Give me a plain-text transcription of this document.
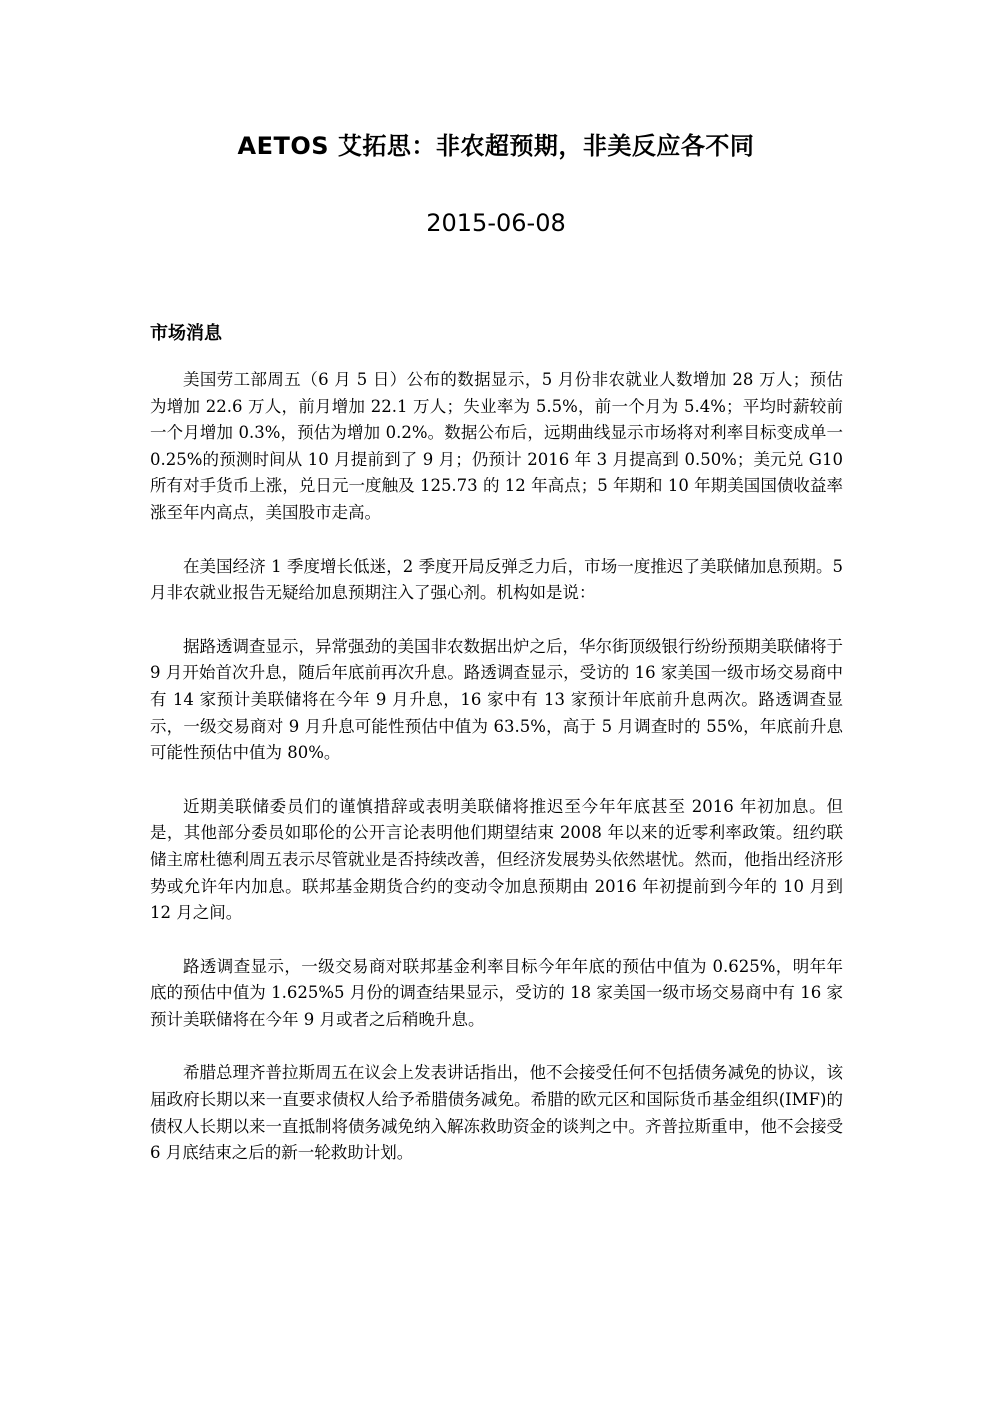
AETOS 艾拓思：非农超预期，非美反应各不同
2015-06-08
市场消息

美国劳工部周五（6 月 5 日）公布的数据显示，5 月份非农就业人数增加 28 万人；预估为增加 22.6 万人，前月增加 22.1 万人；失业率为 5.5%，前一个月为 5.4%；平均时薪较前一个月增加 0.3%，预估为增加 0.2%。数据公布后，远期曲线显示市场将对利率目标变成单一 0.25%的预测时间从 10 月提前到了 9 月；仍预计 2016 年 3 月提高到 0.50%；美元兑 G10 所有对手货币上涨，兑日元一度触及 125.73 的 12 年高点；5 年期和 10 年期美国国债收益率涨至年内高点，美国股市走高。

在美国经济 1 季度增长低迷，2 季度开局反弹乏力后，市场一度推迟了美联储加息预期。5 月非农就业报告无疑给加息预期注入了强心剂。机构如是说：

据路透调查显示，异常强劲的美国非农数据出炉之后，华尔街顶级银行纷纷预期美联储将于 9 月开始首次升息，随后年底前再次升息。路透调查显示，受访的 16 家美国一级市场交易商中有 14 家预计美联储将在今年 9 月升息，16 家中有 13 家预计年底前升息两次。路透调查显示，一级交易商对 9 月升息可能性预估中值为 63.5%，高于 5 月调查时的 55%，年底前升息可能性预估中值为 80%。

近期美联储委员们的谨慎措辞或表明美联储将推迟至今年年底甚至 2016 年初加息。但是，其他部分委员如耶伦的公开言论表明他们期望结束 2008 年以来的近零利率政策。纽约联储主席杜德利周五表示尽管就业是否持续改善，但经济发展势头依然堪忧。然而，他指出经济形势或允许年内加息。联邦基金期货合约的变动令加息预期由 2016 年初提前到今年的 10 月到 12 月之间。

路透调查显示，一级交易商对联邦基金利率目标今年年底的预估中值为 0.625%，明年年底的预估中值为 1.625%5 月份的调查结果显示，受访的 18 家美国一级市场交易商中有 16 家预计美联储将在今年 9 月或者之后稍晚升息。

希腊总理齐普拉斯周五在议会上发表讲话指出，他不会接受任何不包括债务减免的协议，该届政府长期以来一直要求债权人给予希腊债务减免。希腊的欧元区和国际货币基金组织(IMF)的债权人长期以来一直抵制将债务减免纳入解冻救助资金的谈判之中。齐普拉斯重申，他不会接受 6 月底结束之后的新一轮救助计划。
